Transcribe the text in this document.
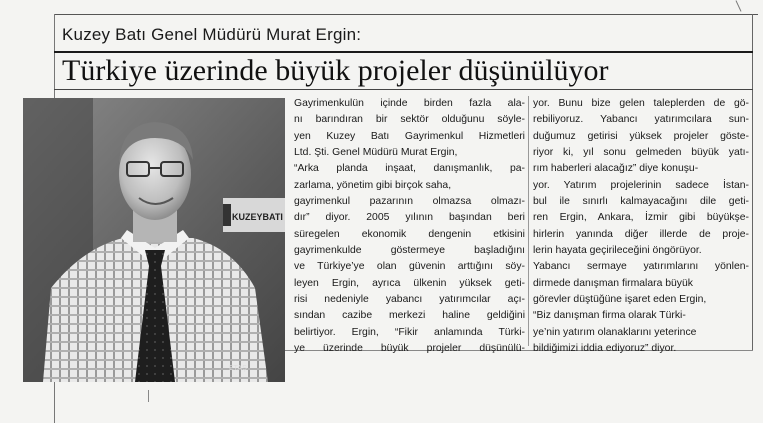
Kuzey Batı Genel Müdürü Murat Ergin:
Türkiye üzerinde büyük projeler düşünülüyor
KUZEYBATI
ETAŞ
Gayrimenkulün içinde birden fazla ala-
nı barındıran bir sektör olduğunu söyle-
yen Kuzey Batı Gayrimenkul Hizmetleri
Ltd. Şti. Genel Müdürü Murat Ergin,
“Arka planda inşaat, danışmanlık, pa-
zarlama, yönetim gibi birçok saha,
gayrimenkul pazarının olmazsa olmazı-
dır” diyor. 2005 yılının başından beri
süregelen ekonomik dengenin etkisini
gayrimenkulde göstermeye başladığını
ve Türkiye’ye olan güvenin arttığını söy-
leyen Ergin, ayrıca ülkenin yüksek geti-
risi nedeniyle yabancı yatırımcılar açı-
sından cazibe merkezi haline geldiğini
belirtiyor. Ergin, “Fikir anlamında Türki-
ye üzerinde büyük projeler düşünülü-
yor. Bunu bize gelen taleplerden de gö-
rebiliyoruz. Yabancı yatırımcılara sun-
duğumuz getirisi yüksek projeler göste-
riyor ki, yıl sonu gelmeden büyük yatı-
rım haberleri alacağız” diye konuşu-
yor. Yatırım projelerinin sadece İstan-
bul ile sınırlı kalmayacağını dile geti-
ren Ergin, Ankara, İzmir gibi büyükşe-
hirlerin yanında diğer illerde de proje-
lerin hayata geçirileceğini öngörüyor.
Yabancı sermaye yatırımlarını yönlen-
dirmede danışman firmalara büyük
görevler düştüğüne işaret eden Ergin,
“Biz danışman firma olarak Türki-
ye’nin yatırım olanaklarını yeterince
bildiğimizi iddia ediyoruz” diyor.
